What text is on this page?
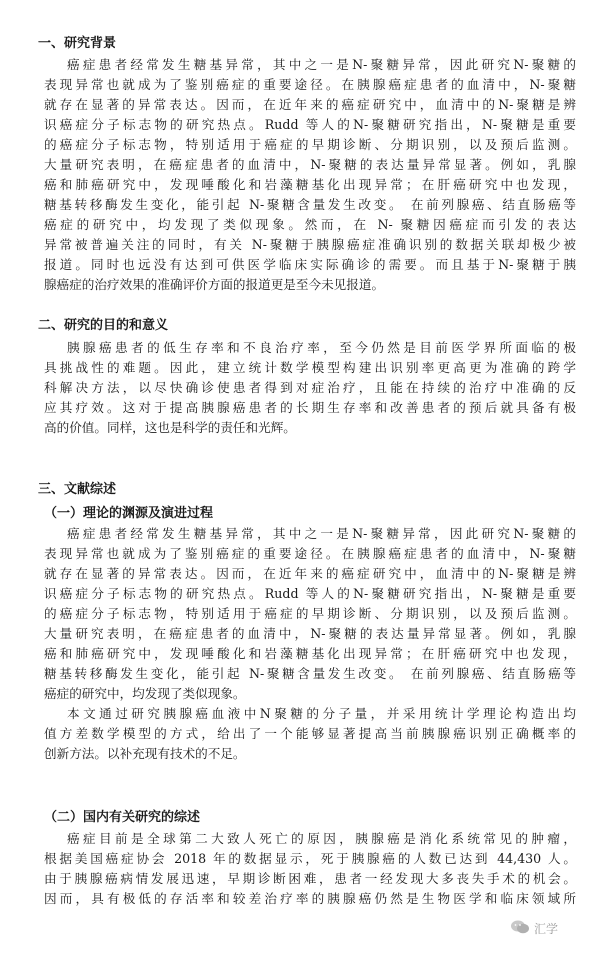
一、研究背景
癌症患者经常发生糖基异常，其中之一是N-聚糖异常，因此研究N-聚糖的
表现异常也就成为了鉴别癌症的重要途径。在胰腺癌症患者的血清中，N-聚糖
就存在显著的异常表达。因而，在近年来的癌症研究中，血清中的N-聚糖是辨
识癌症分子标志物的研究热点。Rudd 等人的N-聚糖研究指出，N-聚糖是重要
的癌症分子标志物，特别适用于癌症的早期诊断、分期识别，以及预后监测。
大量研究表明，在癌症患者的血清中，N-聚糖的表达量异常显著。例如，乳腺
癌和肺癌研究中，发现唾酸化和岩藻糖基化出现异常；在肝癌研究中也发现，
糖基转移酶发生变化，能引起 N-聚糖含量发生改变。 在前列腺癌、结直肠癌等
癌症的研究中，均发现了类似现象。然而，在 N- 聚糖因癌症而引发的表达
异常被普遍关注的同时，有关 N-聚糖于胰腺癌症准确识别的数据关联却极少被
报道。同时也远没有达到可供医学临床实际确诊的需要。而且基于N-聚糖于胰
腺癌症的治疗效果的准确评价方面的报道更是至今未见报道。
二、研究的目的和意义
胰腺癌患者的低生存率和不良治疗率，至今仍然是目前医学界所面临的极
具挑战性的难题。因此，建立统计数学模型构建出识别率更高更为准确的跨学
科解决方法，以尽快确诊使患者得到对症治疗，且能在持续的治疗中准确的反
应其疗效。这对于提高胰腺癌患者的长期生存率和改善患者的预后就具备有极
高的价值。同样，这也是科学的责任和光辉。
三、文献综述
（一）理论的渊源及演进过程
癌症患者经常发生糖基异常，其中之一是N-聚糖异常，因此研究N-聚糖的
表现异常也就成为了鉴别癌症的重要途径。在胰腺癌症患者的血清中，N-聚糖
就存在显著的异常表达。因而，在近年来的癌症研究中，血清中的N-聚糖是辨
识癌症分子标志物的研究热点。Rudd 等人的N-聚糖研究指出，N-聚糖是重要
的癌症分子标志物，特别适用于癌症的早期诊断、分期识别，以及预后监测。
大量研究表明，在癌症患者的血清中，N-聚糖的表达量异常显著。例如，乳腺
癌和肺癌研究中，发现唾酸化和岩藻糖基化出现异常；在肝癌研究中也发现，
糖基转移酶发生变化，能引起 N-聚糖含量发生改变。 在前列腺癌、结直肠癌等
癌症的研究中，均发现了类似现象。
本文通过研究胰腺癌血液中N聚糖的分子量，并采用统计学理论构造出均
值方差数学模型的方式，给出了一个能够显著提高当前胰腺癌识别正确概率的
创新方法。以补充现有技术的不足。
（二）国内有关研究的综述
癌症目前是全球第二大致人死亡的原因，胰腺癌是消化系统常见的肿瘤，
根据美国癌症协会 2018 年的数据显示，死于胰腺癌的人数已达到 44,430 人。
由于胰腺癌病情发展迅速，早期诊断困难，患者一经发现大多丧失手术的机会。
因而，具有极低的存活率和较差治疗率的胰腺癌仍然是生物医学和临床领域所
汇学
